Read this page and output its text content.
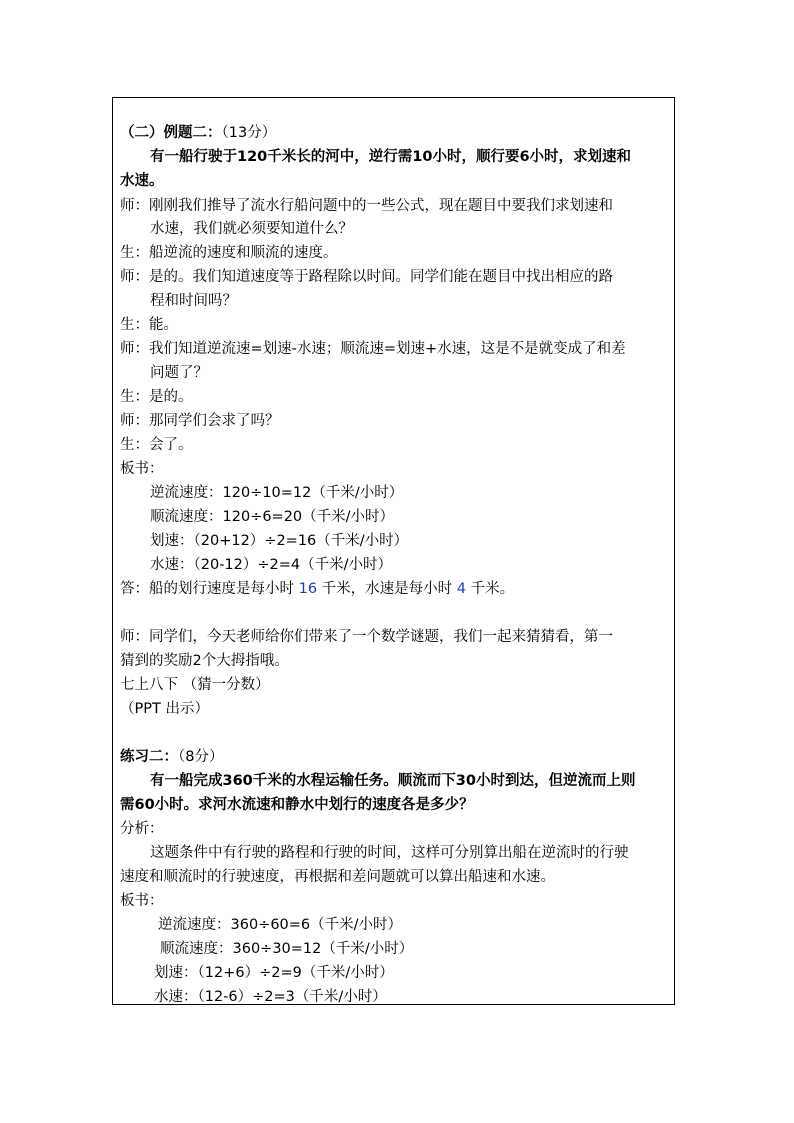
（二）例题二：（13分）
有一船行驶于120千米长的河中，逆行需10小时，顺行要6小时，求划速和
水速。
师：刚刚我们推导了流水行船问题中的一些公式，现在题目中要我们求划速和
水速，我们就必须要知道什么？
生：船逆流的速度和顺流的速度。
师：是的。我们知道速度等于路程除以时间。同学们能在题目中找出相应的路
程和时间吗？
生：能。
师：我们知道逆流速=划速-水速；顺流速=划速+水速，这是不是就变成了和差
问题了？
生：是的。
师：那同学们会求了吗？
生：会了。
板书：
逆流速度：120÷10=12（千米/小时）
顺流速度：120÷6=20（千米/小时）
划速：（20+12）÷2=16（千米/小时）
水速：（20-12）÷2=4（千米/小时）
答：船的划行速度是每小时 16 千米，水速是每小时 4 千米。
师：同学们，今天老师给你们带来了一个数学谜题，我们一起来猜猜看，第一
猜到的奖励2个大拇指哦。
七上八下 （猜一分数）
（PPT 出示）
练习二：（8分）
有一船完成360千米的水程运输任务。顺流而下30小时到达，但逆流而上则
需60小时。求河水流速和静水中划行的速度各是多少？
分析：
这题条件中有行驶的路程和行驶的时间，这样可分别算出船在逆流时的行驶
速度和顺流时的行驶速度，再根据和差问题就可以算出船速和水速。
板书：
逆流速度：360÷60=6（千米/小时）
顺流速度：360÷30=12（千米/小时）
划速：（12+6）÷2=9（千米/小时）
水速：（12-6）÷2=3（千米/小时）
